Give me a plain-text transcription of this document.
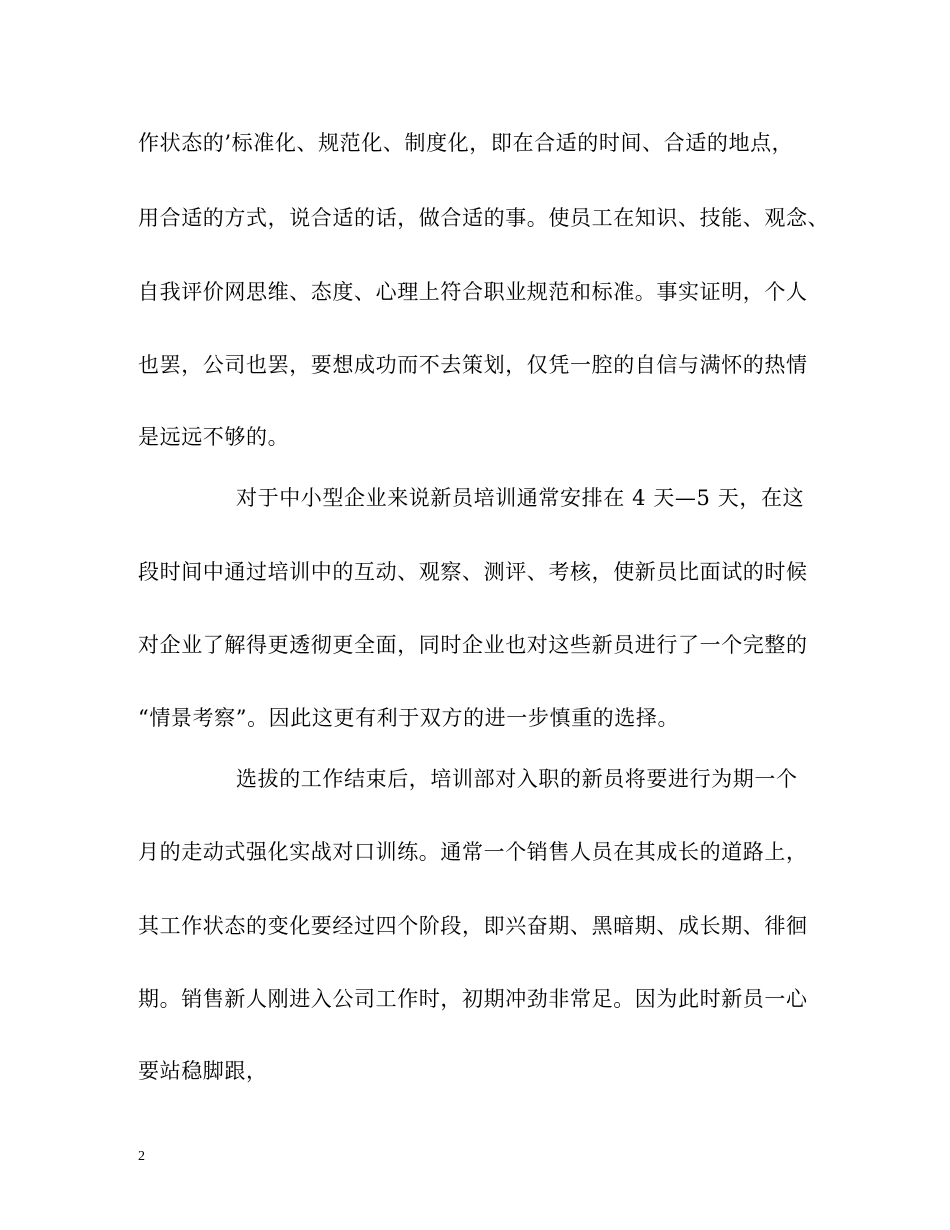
作状态的’标准化、规范化、制度化，即在合适的时间、合适的地点，
用合适的方式，说合适的话，做合适的事。使员工在知识、技能、观念、
自我评价网思维、态度、心理上符合职业规范和标准。事实证明，个人
也罢，公司也罢，要想成功而不去策划，仅凭一腔的自信与满怀的热情
是远远不够的。
对于中小型企业来说新员培训通常安排在 4 天—5 天，在这
段时间中通过培训中的互动、观察、测评、考核，使新员比面试的时候
对企业了解得更透彻更全面，同时企业也对这些新员进行了一个完整的
“情景考察”。因此这更有利于双方的进一步慎重的选择。
选拔的工作结束后，培训部对入职的新员将要进行为期一个
月的走动式强化实战对口训练。通常一个销售人员在其成长的道路上，
其工作状态的变化要经过四个阶段，即兴奋期、黑暗期、成长期、徘徊
期。销售新人刚进入公司工作时，初期冲劲非常足。因为此时新员一心
要站稳脚跟，
2
